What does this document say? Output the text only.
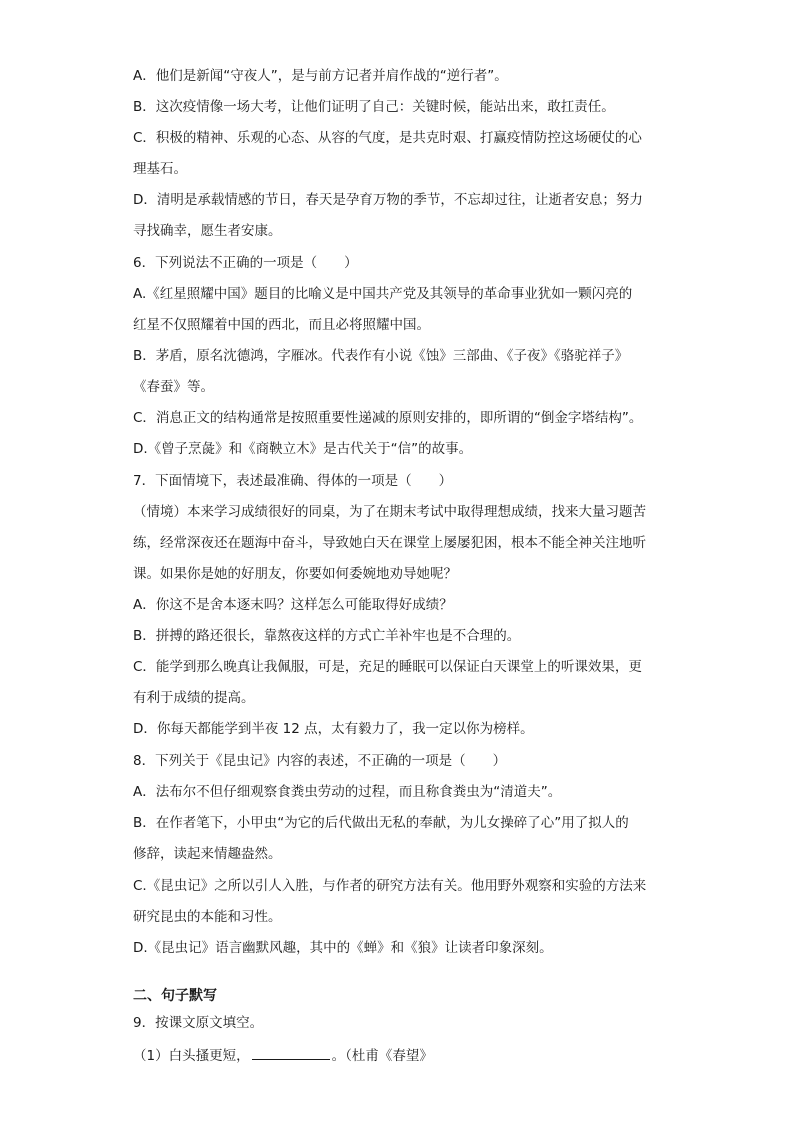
A．他们是新闻“守夜人”，是与前方记者并肩作战的“逆行者”。
B．这次疫情像一场大考，让他们证明了自己：关键时候，能站出来，敢扛责任。
C．积极的精神、乐观的心态、从容的气度，是共克时艰、打赢疫情防控这场硬仗的心
理基石。
D．清明是承载情感的节日，春天是孕育万物的季节，不忘却过往，让逝者安息；努力
寻找确幸，愿生者安康。
6．下列说法不正确的一项是（　　）
A.《红星照耀中国》题目的比喻义是中国共产党及其领导的革命事业犹如一颗闪亮的
红星不仅照耀着中国的西北，而且必将照耀中国。
B．茅盾，原名沈德鸿，字雁冰。代表作有小说《蚀》三部曲、《子夜》《骆驼祥子》
《春蚕》等。
C．消息正文的结构通常是按照重要性递减的原则安排的，即所谓的“倒金字塔结构”。
D.《曾子烹彘》和《商鞅立木》是古代关于“信”的故事。
7．下面情境下，表述最准确、得体的一项是（　　）
（情境）本来学习成绩很好的同桌，为了在期末考试中取得理想成绩，找来大量习题苦
练，经常深夜还在题海中奋斗，导致她白天在课堂上屡屡犯困，根本不能全神关注地听
课。如果你是她的好朋友，你要如何委婉地劝导她呢？
A．你这不是舍本逐末吗？这样怎么可能取得好成绩？
B．拼搏的路还很长，靠熬夜这样的方式亡羊补牢也是不合理的。
C．能学到那么晚真让我佩服，可是，充足的睡眠可以保证白天课堂上的听课效果，更
有利于成绩的提高。
D．你每天都能学到半夜 12 点，太有毅力了，我一定以你为榜样。
8．下列关于《昆虫记》内容的表述，不正确的一项是（　　）
A．法布尔不但仔细观察食粪虫劳动的过程，而且称食粪虫为“清道夫”。
B．在作者笔下，小甲虫“为它的后代做出无私的奉献，为儿女操碎了心”用了拟人的
修辞，读起来情趣盎然。
C.《昆虫记》之所以引人入胜，与作者的研究方法有关。他用野外观察和实验的方法来
研究昆虫的本能和习性。
D.《昆虫记》语言幽默风趣，其中的《蝉》和《狼》让读者印象深刻。
二、句子默写
9．按课文原文填空。
（1）白头搔更短，	。（杜甫《春望》
